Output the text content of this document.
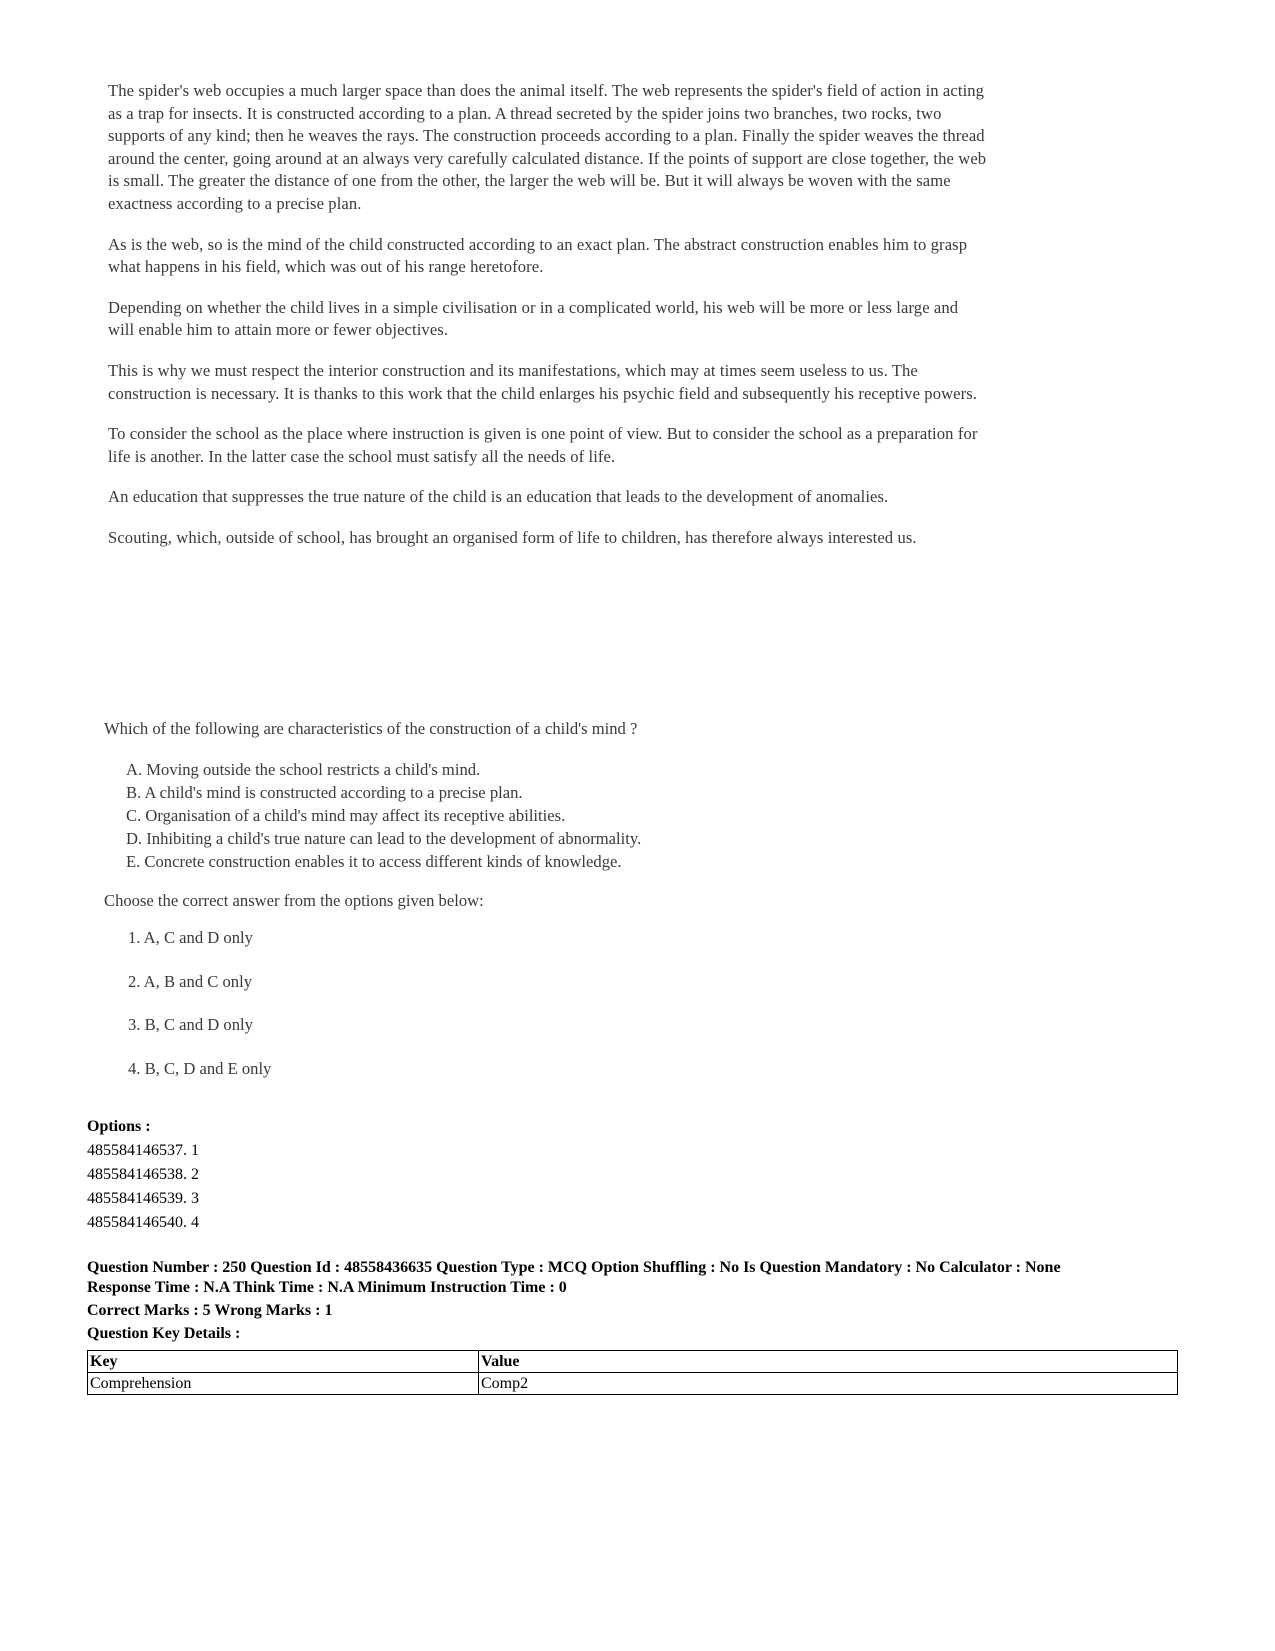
The spider's web occupies a much larger space than does the animal itself. The web represents the spider's field of action in acting as a trap for insects. It is constructed according to a plan. A thread secreted by the spider joins two branches, two rocks, two supports of any kind; then he weaves the rays. The construction proceeds according to a plan. Finally the spider weaves the thread around the center, going around at an always very carefully calculated distance. If the points of support are close together, the web is small. The greater the distance of one from the other, the larger the web will be. But it will always be woven with the same exactness according to a precise plan.

As is the web, so is the mind of the child constructed according to an exact plan. The abstract construction enables him to grasp what happens in his field, which was out of his range heretofore.

Depending on whether the child lives in a simple civilisation or in a complicated world, his web will be more or less large and will enable him to attain more or fewer objectives.

This is why we must respect the interior construction and its manifestations, which may at times seem useless to us. The construction is necessary. It is thanks to this work that the child enlarges his psychic field and subsequently his receptive powers.

To consider the school as the place where instruction is given is one point of view. But to consider the school as a preparation for life is another. In the latter case the school must satisfy all the needs of life.

An education that suppresses the true nature of the child is an education that leads to the development of anomalies.

Scouting, which, outside of school, has brought an organised form of life to children, has therefore always interested us.

Which of the following are characteristics of the construction of a child's mind ?

A. Moving outside the school restricts a child's mind.
B. A child's mind is constructed according to a precise plan.
C. Organisation of a child's mind may affect its receptive abilities.
D. Inhibiting a child's true nature can lead to the development of abnormality.
E. Concrete construction enables it to access different kinds of knowledge.

Choose the correct answer from the options given below:

1. A, C and D only
2. A, B and C only
3. B, C and D only
4. B, C, D and E only
Options :
485584146537. 1
485584146538. 2
485584146539. 3
485584146540. 4
Question Number : 250 Question Id : 48558436635 Question Type : MCQ Option Shuffling : No Is Question Mandatory : No Calculator : None
Response Time : N.A Think Time : N.A Minimum Instruction Time : 0
Correct Marks : 5 Wrong Marks : 1
Question Key Details :
Key	Value
Comprehension	Comp2
